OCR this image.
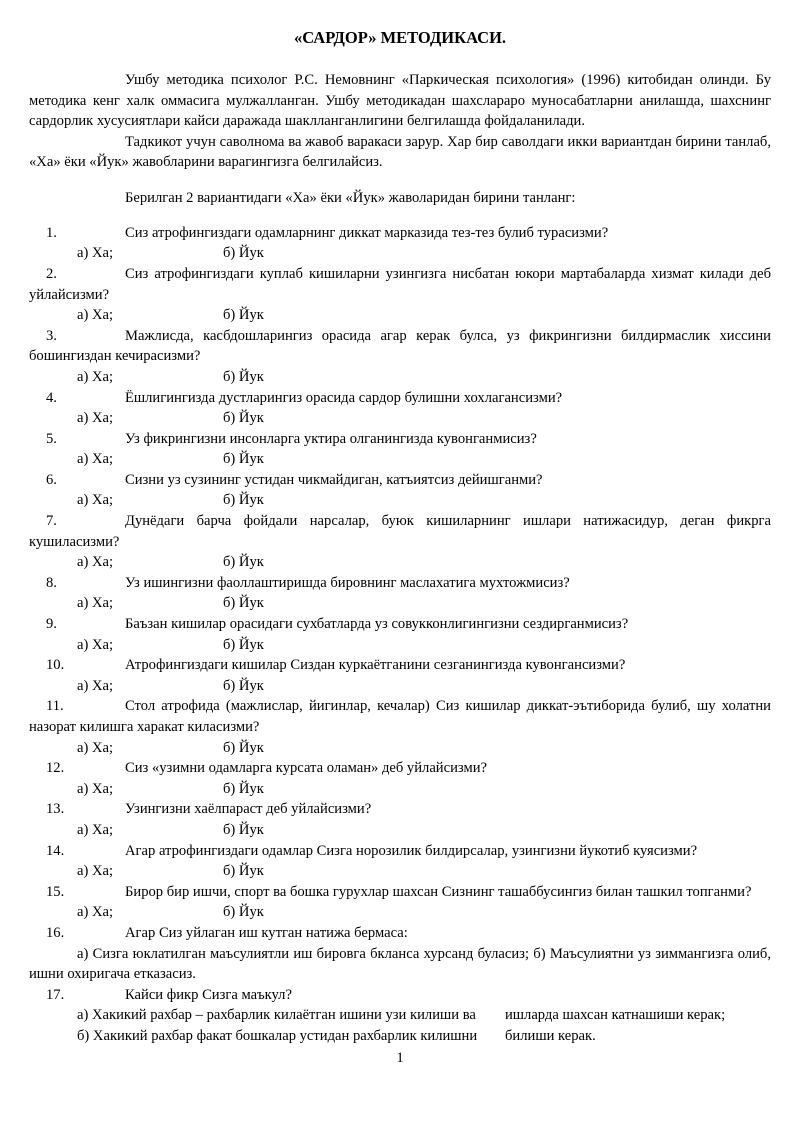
«САРДОР» МЕТОДИКАСИ.

Ушбу методика психолог Р.С. Немовнинг «Паркическая психология» (1996) китобидан олинди. Бу методика кенг халк оммасига мулжалланган. Ушбу методикадан шахсларaро муносабатларни анилашда, шахснинг сардорлик хусусиятлари кайси даражада шаклланганлигини белгилашда фойдаланилади.

Тадкикот учун саволнома ва жавоб варакаси зарур. Хар бир саволдаги икки вариантдан бирини танлаб, «Ха» ёки «Йук» жавобларини варагингизга белгилайсиз.

Берилган 2 вариантидаги «Ха» ёки «Йук» жаволаридан бирини танланг:

1.	Сиз атрофингиздаги одамларнинг диккат марказида тез-тез булиб турасизми?

а) Ха;	б) Йук

2.	Сиз атрофингиздаги куплаб кишиларни узингизга нисбатан юкори мартабаларда хизмат килади деб уйлайсизми?

а) Ха;	б) Йук

3.	Мажлисда, касбдошларингиз орасида агар керак булса, уз фикрингизни билдирмаслик хиссини бошингиздан кечирасизми?

а) Ха;	б) Йук

4.	Ёшлигингизда дустларингиз орасида сардор булишни хохлагансизми?

а) Ха;	б) Йук

5.	Уз фикрингизни инсонларга уктира олганингизда кувонганмисиз?

а) Ха;	б) Йук

6.	Сизни уз сузининг устидан чикмайдиган, катъиятсиз дейишганми?

а) Ха;	б) Йук

7.	Дунёдаги барча фойдали нарсалар, буюк кишиларнинг ишлари натижасидур, деган фикрга кушиласизми?

а) Ха;	б) Йук

8.	Уз ишингизни фаоллаштиришда бировнинг маслахатига мухтожмисиз?

а) Ха;	б) Йук

9.	Баъзан кишилар орасидаги сухбатларда уз совукконлигингизни сездирганмисиз?

а) Ха;	б) Йук

10.	Атрофингиздаги кишилар Сиздан куркаётганини сезганингизда кувонгансизми?

а) Ха;	б) Йук

11.	Стол атрофида (мажлислар, йигинлар, кечалар) Сиз кишилар диккат-эътиборида булиб, шу холатни назорат килишга харакат киласизми?

а) Ха;	б) Йук

12.	Сиз «узимни одамларга курсата оламан» деб уйлайсизми?

а) Ха;	б) Йук

13.	Узингизни хаёлпараст деб уйлайсизми?

а) Ха;	б) Йук

14.	Агар атрофингиздаги одамлар Сизга норозилик билдирсалар, узингизни йукотиб куясизми?

а) Ха;	б) Йук

15.	Бирор бир ишчи, спорт ва бошка гурухлар шахсан Сизнинг ташаббусингиз билан ташкил топганми?

а) Ха;	б) Йук

16.	Агар Сиз уйлаган иш кутган натижа бермаса:

а) Сизга юклатилган маъсулиятли иш бировга бкланса хурсанд буласиз; б) Маъсулиятни уз зиммангизга олиб, ишни охиригача етказасиз.

17.	Кайси фикр Сизга маъкул?

а) Хакикий рахбар – рахбарлик килаётган ишини узи килиши ва	ишларда шахсан катнашиши керак;
б) Хакикий рахбар факат бошкалар устидан рахбарлик килишни	билиши керак.
1
